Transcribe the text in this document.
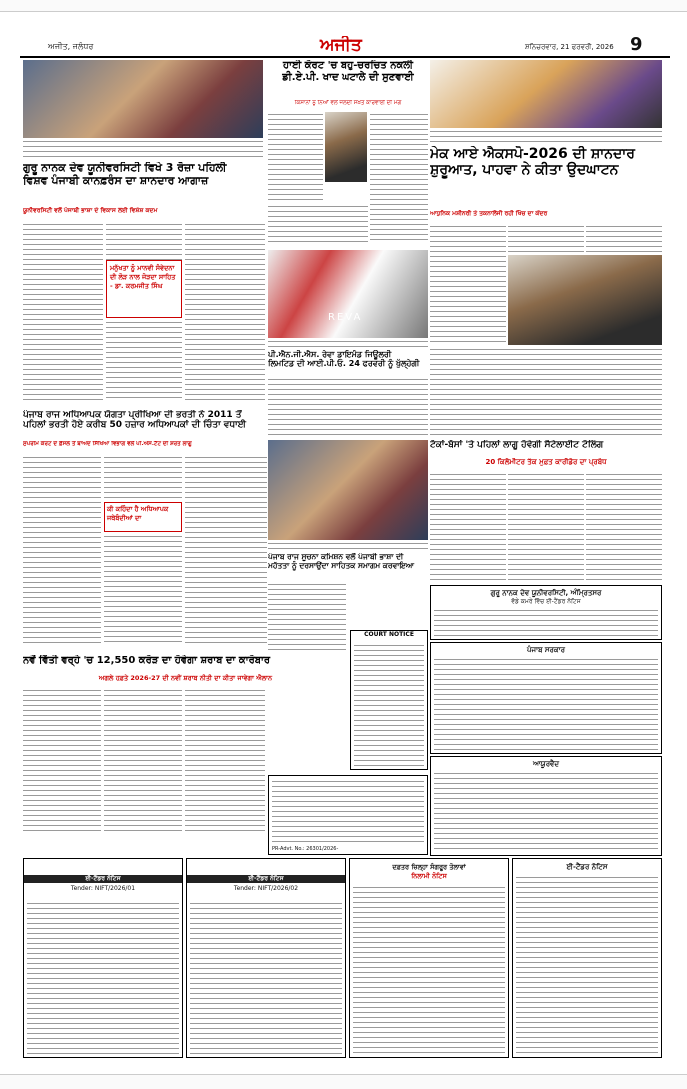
ਅਜੀਤ, ਜਲੰਧਰ	ਅਜੀਤ	ਸ਼ਨਿਚਰਵਾਰ, 21 ਫਰਵਰੀ, 2026 9
ਗੁਰੂ ਨਾਨਕ ਦੇਵ ਯੂਨੀਵਰਸਿਟੀ ਵਿਖੇ 3 ਰੋਜ਼ਾ ਪਹਿਲੀ
ਵਿਸ਼ਵ ਪੰਜਾਬੀ ਕਾਨਫ਼ਰੰਸ ਦਾ ਸ਼ਾਨਦਾਰ ਆਗਾਜ਼
ਯੂਨੀਵਰਸਿਟੀ ਵਲੋਂ ਪੰਜਾਬੀ ਭਾਸ਼ਾ ਦੇ ਵਿਕਾਸ ਲਈ ਵਿਸ਼ੇਸ਼ ਕਦਮ
ਮਨੁੱਖਤਾ ਨੂੰ ਮਾਨਵੀ ਸੰਵੇਦਨਾ ਦੀ ਲੋੜ ਨਾਲ ਜੋੜਦਾ ਸਾਹਿਤ - ਡਾ. ਕਰਮਜੀਤ ਸਿੰਘ
ਹਾਈ ਕੋਰਟ 'ਚ ਬਹੁ-ਚਰਚਿਤ ਨਕਲੀ
ਡੀ.ਏ.ਪੀ. ਖਾਦ ਘਟਾਲੇ ਦੀ ਸੁਣਵਾਈ
ਕਿਸਾਨਾਂ ਨੂੰ ਨਿਆਂ ਵਲੋਂ ਜਲਦੀ ਸਖ਼ਤ ਕਾਰਵਾਈ ਦੀ ਮੰਗ
REVA
ਪੀ.ਐਨ.ਜੀ.ਐਸ. ਰੇਵਾ ਡਾਇਮੰਡ ਜਿਊਲਰੀ
ਲਿਮਟਿਡ ਦੀ ਆਈ.ਪੀ.ਓ. 24 ਫਰਵਰੀ ਨੂੰ ਖੁੱਲ੍ਹੇਗੀ
ਮੇਕ ਆਏ ਐਕਸਪੋ-2026 ਦੀ ਸ਼ਾਨਦਾਰ
ਸ਼ੁਰੂਆਤ, ਪਾਹਵਾ ਨੇ ਕੀਤਾ ਉਦਘਾਟਨ
ਆਧੁਨਿਕ ਮਸ਼ੀਨਰੀ ਤੇ ਤਕਨਾਲੋਜੀ ਰਹੀ ਖਿੱਚ ਦਾ ਕੇਂਦਰ
ਪੰਜਾਬ ਰਾਜ ਅਧਿਆਪਕ ਯੋਗਤਾ ਪ੍ਰੀਖਿਆ ਦੀ ਭਰਤੀ ਨੇ 2011 ਤੋਂ
ਪਹਿਲਾਂ ਭਰਤੀ ਹੋਏ ਕਰੀਬ 50 ਹਜ਼ਾਰ ਅਧਿਆਪਕਾਂ ਦੀ ਚਿੰਤਾ ਵਧਾਈ
ਸੁਪਰੀਮ ਕੋਰਟ ਦੇ ਫ਼ੈਸਲੇ ਤੋਂ ਬਾਅਦ ਸਿੱਖਿਆ ਵਿਭਾਗ ਵਲੋਂ ਪੀ.ਐਸ.ਟੈੱਟ ਦੀ ਸ਼ਰਤ ਲਾਗੂ
ਕੀ ਕਹਿੰਦਾ ਹੈ ਅਧਿਆਪਕ ਜਥੇਬੰਦੀਆਂ ਦਾ
ਟੱਕਾਂ-ਬੱਸਾਂ 'ਤੇ ਪਹਿਲਾਂ ਲਾਗੂ ਹੋਵੇਗੀ ਸੈਟੇਲਾਈਟ ਟੋਲਿੰਗ
20 ਕਿਲੋਮੀਟਰ ਤੱਕ ਮੁਫ਼ਤ ਕਾਰੀਡੋਰ ਦਾ ਪ੍ਰਬੰਧ
ਪੰਜਾਬ ਰਾਜ ਸੂਚਨਾ ਕਮਿਸ਼ਨ ਵਲੋਂ ਪੰਜਾਬੀ ਭਾਸ਼ਾ ਦੀ
ਮਹੱਤਤਾ ਨੂੰ ਦਰਸਾਉਂਦਾ ਸਾਹਿਤਕ ਸਮਾਗਮ ਕਰਵਾਇਆ
COURT NOTICE
ਗੁਰੂ ਨਾਨਕ ਦੇਵ ਯੂਨੀਵਰਸਿਟੀ, ਅੰਮ੍ਰਿਤਸਰ
ਵੱਡੇ ਕਮਰੇ ਵਿੱਚ ਈ-ਟੈਂਡਰ ਨੋਟਿਸ
ਪੰਜਾਬ ਸਰਕਾਰ
ਆਯੂਰਵੈਦ
ਨਵੇਂ ਵਿੱਤੀ ਵਰ੍ਹੇ 'ਚ 12,550 ਕਰੋੜ ਦਾ ਹੋਵੇਗਾ ਸ਼ਰਾਬ ਦਾ ਕਾਰੋਬਾਰ
ਅਗਲੇ ਹਫ਼ਤੇ 2026-27 ਦੀ ਨਵੀਂ ਸ਼ਰਾਬ ਨੀਤੀ ਦਾ ਕੀਤਾ ਜਾਵੇਗਾ ਐਲਾਨ
PR-Advt. No.: 26301/2026-
ਈ-ਟੈਂਡਰ ਨੋਟਿਸ
Tender: NIFT/2026/01
ਈ-ਟੈਂਡਰ ਨੋਟਿਸ
Tender: NIFT/2026/02
ਦਫ਼ਤਰ ਜ਼ਿਲ੍ਹਾ ਸੰਗਰੂਰ ਤੋਲਾਵਾਂ
ਨਿਲਾਮੀ ਨੋਟਿਸ
ਈ-ਟੈਂਡਰ ਨੋਟਿਸ
